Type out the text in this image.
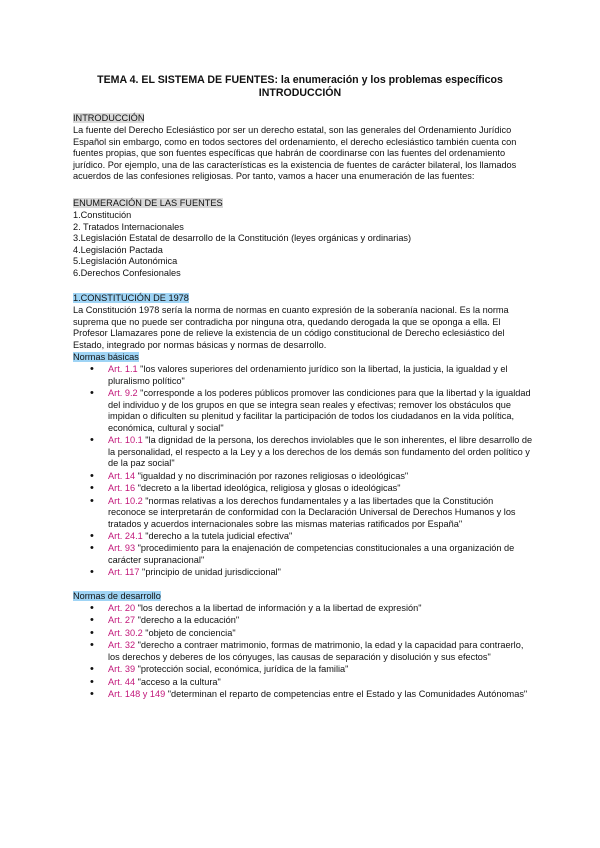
TEMA 4. EL SISTEMA DE FUENTES: la enumeración y los problemas específicos
INTRODUCCIÓN
INTRODUCCIÓN
La fuente del Derecho Eclesiástico por ser un derecho estatal, son las generales del Ordenamiento Jurídico Español sin embargo, como en todos sectores del ordenamiento, el derecho eclesiástico también cuenta con fuentes propias, que son fuentes específicas que habrán de coordinarse con las fuentes del ordenamiento jurídico. Por ejemplo, una de las características es la existencia de fuentes de carácter bilateral, los llamados acuerdos de las confesiones religiosas. Por tanto, vamos a hacer una enumeración de las fuentes:
ENUMERACIÓN DE LAS FUENTES
1.Constitución
2. Tratados Internacionales
3.Legislación Estatal de desarrollo de la Constitución (leyes orgánicas y ordinarias)
4.Legislación Pactada
5.Legislación Autonómica
6.Derechos Confesionales
1.CONSTITUCIÓN DE 1978
La Constitución 1978 sería la norma de normas en cuanto expresión de la soberanía nacional. Es la norma suprema que no puede ser contradicha por ninguna otra, quedando derogada la que se oponga a ella. El Profesor Llamazares pone de relieve la existencia de un código constitucional de Derecho eclesiástico del Estado, integrado por normas básicas y normas de desarrollo.
Normas básicas
• Art. 1.1 "los valores superiores del ordenamiento jurídico son la libertad, la justicia, la igualdad y el pluralismo político"
• Art. 9.2 "corresponde a los poderes públicos promover las condiciones para que la libertad y la igualdad del individuo y de los grupos en que se integra sean reales y efectivas; remover los obstáculos que impidan o dificulten su plenitud y facilitar la participación de todos los ciudadanos en la vida política, económica, cultural y social"
• Art. 10.1 "la dignidad de la persona, los derechos inviolables que le son inherentes, el libre desarrollo de la personalidad, el respecto a la Ley y a los derechos de los demás son fundamento del orden político y de la paz social"
• Art. 14 "igualdad y no discriminación por razones religiosas o ideológicas"
• Art. 16 "decreto a la libertad ideológica, religiosa y glosas o ideológicas"
• Art. 10.2 "normas relativas a los derechos fundamentales y a las libertades que la Constitución reconoce se interpretarán de conformidad con la Declaración Universal de Derechos Humanos y los tratados y acuerdos internacionales sobre las mismas materias ratificados por España"
• Art. 24.1 "derecho a la tutela judicial efectiva"
• Art. 93 "procedimiento para la enajenación de competencias constitucionales a una organización de carácter supranacional"
• Art. 117 "principio de unidad jurisdiccional"
Normas de desarrollo
• Art. 20 "los derechos a la libertad de información y a la libertad de expresión"
• Art. 27 "derecho a la educación"
• Art. 30.2 "objeto de conciencia"
• Art. 32 "derecho a contraer matrimonio, formas de matrimonio, la edad y la capacidad para contraerlo, los derechos y deberes de los cónyuges, las causas de separación y disolución y sus efectos"
• Art. 39 "protección social, económica, jurídica de la familia"
• Art. 44 "acceso a la cultura"
• Art. 148 y 149 "determinan el reparto de competencias entre el Estado y las Comunidades Autónomas"
